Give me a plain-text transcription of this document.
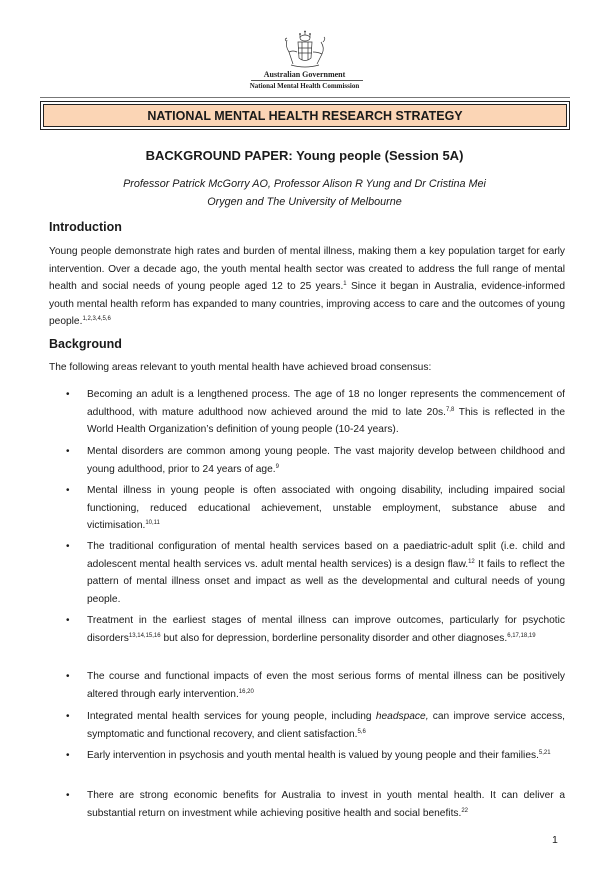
Australian Government
National Mental Health Commission
NATIONAL MENTAL HEALTH RESEARCH STRATEGY
BACKGROUND PAPER: Young people (Session 5A)
Professor Patrick McGorry AO, Professor Alison R Yung and Dr Cristina Mei
Orygen and The University of Melbourne
Introduction

Young people demonstrate high rates and burden of mental illness, making them a key population target for early intervention. Over a decade ago, the youth mental health sector was created to address the full range of mental health and social needs of young people aged 12 to 25 years.$^1$ Since it began in Australia, evidence-informed youth mental health reform has expanded to many countries, improving access to care and the outcomes of young people.$^{1,2,3,4,5,6}$

Background

The following areas relevant to youth mental health have achieved broad consensus:

• Becoming an adult is a lengthened process. The age of 18 no longer represents the commencement of adulthood, with mature adulthood now achieved around the mid to late 20s.$^{7,8}$ This is reflected in the World Health Organization’s definition of young people (10-24 years).

• Mental disorders are common among young people. The vast majority develop between childhood and young adulthood, prior to 24 years of age.$^9$

• Mental illness in young people is often associated with ongoing disability, including impaired social functioning, reduced educational achievement, unstable employment, substance abuse and victimisation.$^{10,11}$

• The traditional configuration of mental health services based on a paediatric-adult split (i.e. child and adolescent mental health services vs. adult mental health services) is a design flaw.$^{12}$ It fails to reflect the pattern of mental illness onset and impact as well as the developmental and cultural needs of young people.

• Treatment in the earliest stages of mental illness can improve outcomes, particularly for psychotic disorders$^{13,14,15,16}$ but also for depression, borderline personality disorder and other diagnoses.$^{6,17,18,19}$

• The course and functional impacts of even the most serious forms of mental illness can be positively altered through early intervention.$^{16,20}$

• Integrated mental health services for young people, including headspace, can improve service access, symptomatic and functional recovery, and client satisfaction.$^{5,6}$

• Early intervention in psychosis and youth mental health is valued by young people and their families.$^{5,21}$

• There are strong economic benefits for Australia to invest in youth mental health. It can deliver a substantial return on investment while achieving positive health and social benefits.$^{22}$

1
